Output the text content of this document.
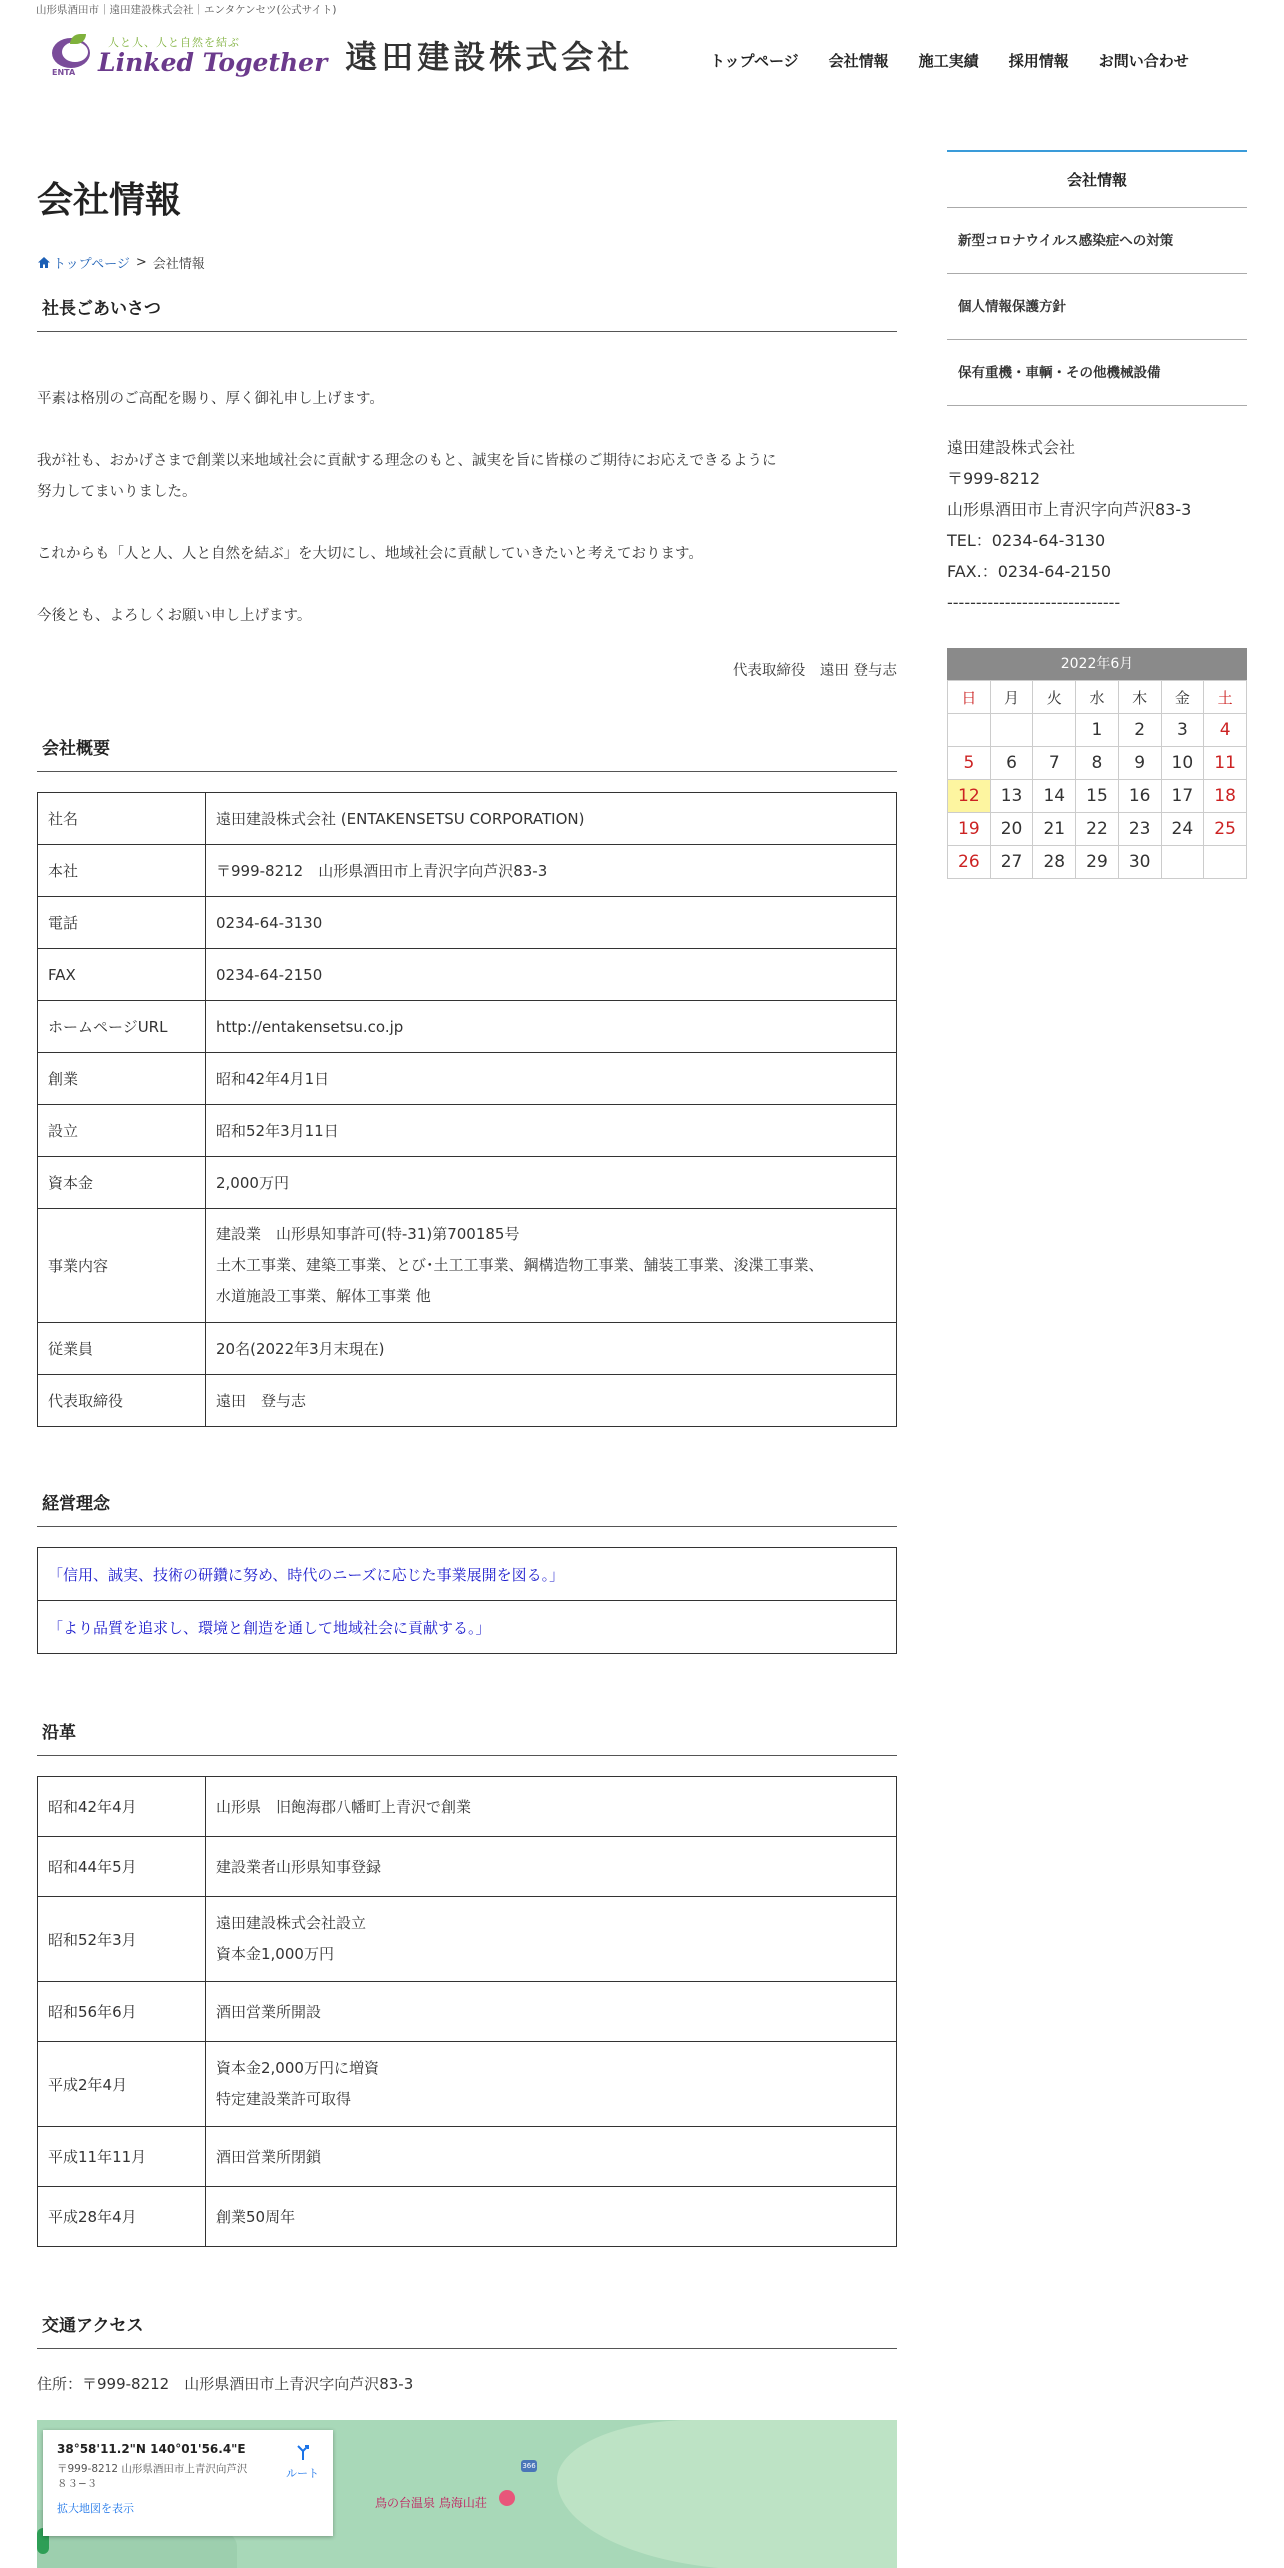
山形県酒田市｜遠田建設株式会社｜エンタケンセツ(公式サイト)
ENTA
人と人、人と自然を結ぶ
Linked Together 遠田建設株式会社	トップページ 会社情報 施工実績 採用情報 お問い合わせ
会社情報
トップページ > 会社情報
社長ごあいさつ

平素は格別のご高配を賜り、厚く御礼申し上げます。

我が社も、おかげさまで創業以来地域社会に貢献する理念のもと、誠実を旨に皆様のご期待にお応えできるように
努力してまいりました。

これからも「人と人、人と自然を結ぶ」を大切にし、地域社会に貢献していきたいと考えております。

今後とも、よろしくお願い申し上げます。

代表取締役　遠田 登与志
会社概要
社名	遠田建設株式会社 (ENTAKENSETSU CORPORATION)
本社	〒999-8212　山形県酒田市上青沢字向芦沢83-3
電話	0234-64-3130
FAX	0234-64-2150
ホームページURL	http://entakensetsu.co.jp
創業	昭和42年4月1日
設立	昭和52年3月11日
資本金	2,000万円
事業内容	建設業　山形県知事許可(特-31)第700185号
土木工事業、建築工事業、とび･土工工事業、鋼構造物工事業、舗装工事業、浚渫工事業、
水道施設工事業、解体工事業 他
従業員	20名(2022年3月末現在)
代表取締役	遠田　登与志
経営理念
「信用、誠実、技術の研鑽に努め、時代のニーズに応じた事業展開を図る。」
「より品質を追求し、環境と創造を通して地域社会に貢献する。」
沿革
昭和42年4月	山形県　旧飽海郡八幡町上青沢で創業
昭和44年5月	建設業者山形県知事登録
昭和52年3月	遠田建設株式会社設立
資本金1,000万円
昭和56年6月	酒田営業所開設
平成2年4月	資本金2,000万円に増資
特定建設業許可取得
平成11年11月	酒田営業所閉鎖
平成28年4月	創業50周年
交通アクセス
住所：〒999-8212　山形県酒田市上青沢字向芦沢83-3
366
鳥の台温泉 鳥海山荘
38°58'11.2"N 140°01'56.4"E
〒999-8212 山形県酒田市上青沢向芦沢８３−３
拡大地図を表示
ルート
会社情報
新型コロナウイルス感染症への対策
個人情報保護方針
保有重機・車輌・その他機械設備
遠田建設株式会社
〒999-8212
山形県酒田市上青沢字向芦沢83-3
TEL：0234-64-3130
FAX.：0234-64-2150
------------------------------
2022年6月
日	月	火	水	木	金	土
			1	2	3	4
5	6	7	8	9	10	11
12	13	14	15	16	17	18
19	20	21	22	23	24	25
26	27	28	29	30		
